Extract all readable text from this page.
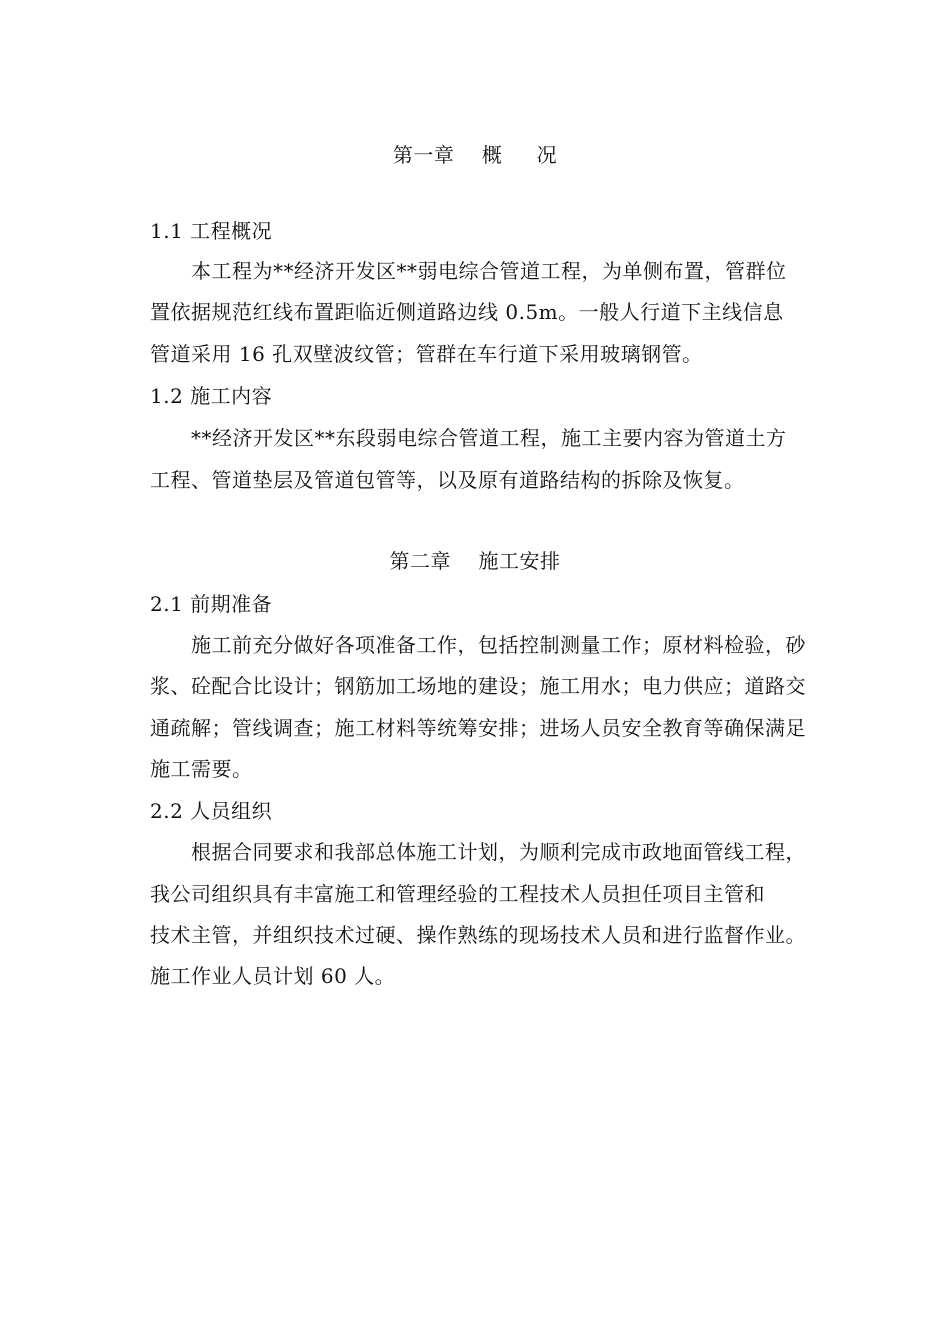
第一章    概     况
1.1 工程概况
本工程为**经济开发区**弱电综合管道工程，为单侧布置，管群位
置依据规范红线布置距临近侧道路边线 0.5m。一般人行道下主线信息
管道采用 16 孔双壁波纹管；管群在车行道下采用玻璃钢管。
1.2 施工内容
**经济开发区**东段弱电综合管道工程，施工主要内容为管道土方
工程、管道垫层及管道包管等，以及原有道路结构的拆除及恢复。
第二章    施工安排
2.1 前期准备
施工前充分做好各项准备工作，包括控制测量工作；原材料检验，砂
浆、砼配合比设计；钢筋加工场地的建设；施工用水；电力供应；道路交
通疏解；管线调查；施工材料等统筹安排；进场人员安全教育等确保满足
施工需要。
2.2 人员组织
根据合同要求和我部总体施工计划，为顺利完成市政地面管线工程，
我公司组织具有丰富施工和管理经验的工程技术人员担任项目主管和
技术主管，并组织技术过硬、操作熟练的现场技术人员和进行监督作业。
施工作业人员计划 60 人。
